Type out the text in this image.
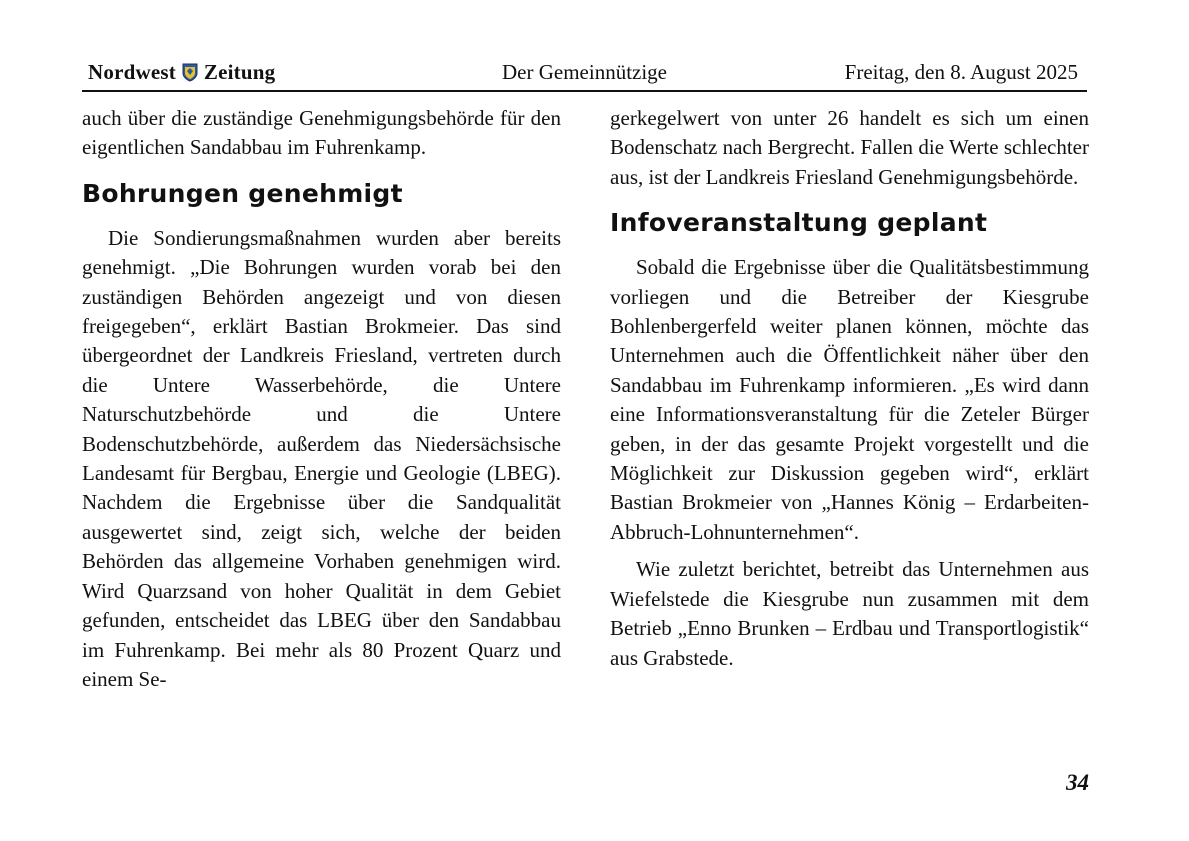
Nordwest Zeitung	Der Gemeinnützige	Freitag, den 8. August 2025

auch über die zuständige Genehmigungsbehörde für den eigentlichen Sandabbau im Fuhrenkamp.

Bohrungen genehmigt

Die Sondierungsmaßnahmen wurden aber bereits genehmigt. „Die Bohrungen wurden vorab bei den zuständigen Behörden angezeigt und von diesen freigegeben“, erklärt Bastian Brokmeier. Das sind übergeordnet der Landkreis Friesland, vertreten durch die Untere Wasserbehörde, die Untere Naturschutzbehörde und die Untere Bodenschutzbehörde, außerdem das Niedersächsische Landesamt für Bergbau, Energie und Geologie (LBEG). Nachdem die Ergebnisse über die Sandqualität ausgewertet sind, zeigt sich, welche der beiden Behörden das allgemeine Vorhaben genehmigen wird. Wird Quarzsand von hoher Qualität in dem Gebiet gefunden, entscheidet das LBEG über den Sandabbau im Fuhrenkamp. Bei mehr als 80 Prozent Quarz und einem Se-

gerkegelwert von unter 26 handelt es sich um einen Bodenschatz nach Bergrecht. Fallen die Werte schlechter aus, ist der Landkreis Friesland Genehmigungsbehörde.

Infoveranstaltung geplant

Sobald die Ergebnisse über die Qualitätsbestimmung vorliegen und die Betreiber der Kiesgrube Bohlenbergerfeld weiter planen können, möchte das Unternehmen auch die Öffentlichkeit näher über den Sandabbau im Fuhrenkamp informieren. „Es wird dann eine Informationsveranstaltung für die Zeteler Bürger geben, in der das gesamte Projekt vorgestellt und die Möglichkeit zur Diskussion gegeben wird“, erklärt Bastian Brokmeier von „Hannes König – Erdarbeiten-Abbruch-Lohnunternehmen“.

Wie zuletzt berichtet, betreibt das Unternehmen aus Wiefelstede die Kiesgrube nun zusammen mit dem Betrieb „Enno Brunken – Erdbau und Transportlogistik“ aus Grabstede.

34
